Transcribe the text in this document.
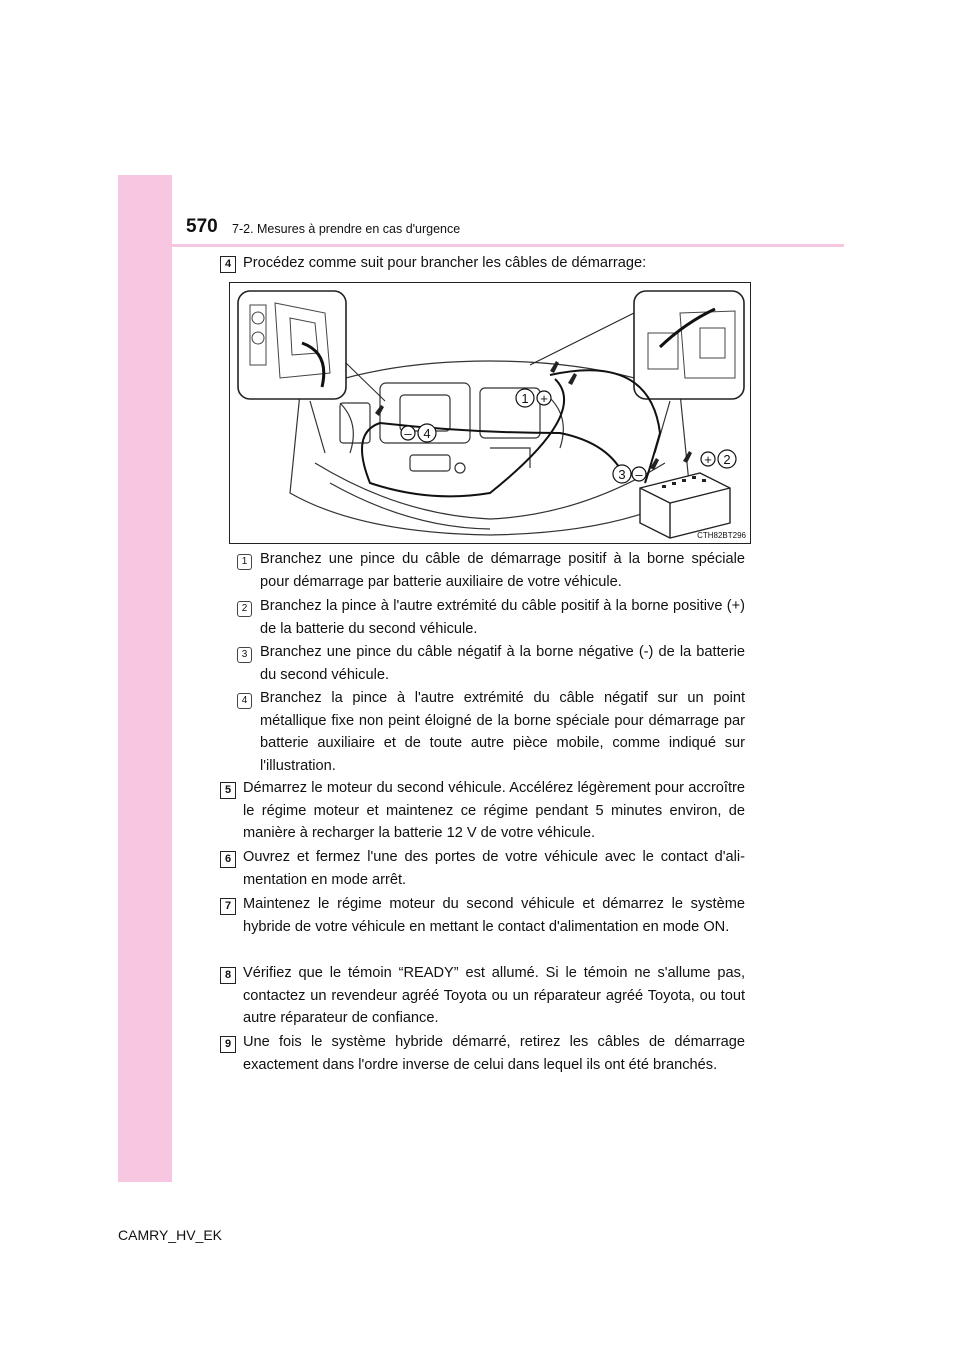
570 7-2. Mesures à prendre en cas d'urgence
4 Procédez comme suit pour brancher les câbles de démarrage:

1 +
+ 2
3 –
– 4
CTH82BT296
1 Branchez une pince du câble de démarrage positif à la borne spéciale pour démarrage par batterie auxiliaire de votre véhicule.

2 Branchez la pince à l'autre extrémité du câble positif à la borne positive (+) de la batterie du second véhicule.

3 Branchez une pince du câble négatif à la borne négative (-) de la batterie du second véhicule.

4 Branchez la pince à l'autre extrémité du câble négatif sur un point métallique fixe non peint éloigné de la borne spéciale pour démarrage par batterie auxiliaire et de toute autre pièce mobile, comme indiqué sur l'illustration.

5 Démarrez le moteur du second véhicule. Accélérez légèrement pour accroître le régime moteur et maintenez ce régime pendant 5 minutes environ, de manière à recharger la batterie 12 V de votre véhicule.

6 Ouvrez et fermez l'une des portes de votre véhicule avec le contact d'alimentation en mode arrêt.

7 Maintenez le régime moteur du second véhicule et démarrez le système hybride de votre véhicule en mettant le contact d'alimentation en mode ON.

8 Vérifiez que le témoin “READY” est allumé. Si le témoin ne s'allume pas, contactez un revendeur agréé Toyota ou un réparateur agréé Toyota, ou tout autre réparateur de confiance.

9 Une fois le système hybride démarré, retirez les câbles de démarrage exactement dans l'ordre inverse de celui dans lequel ils ont été branchés.

CAMRY_HV_EK
